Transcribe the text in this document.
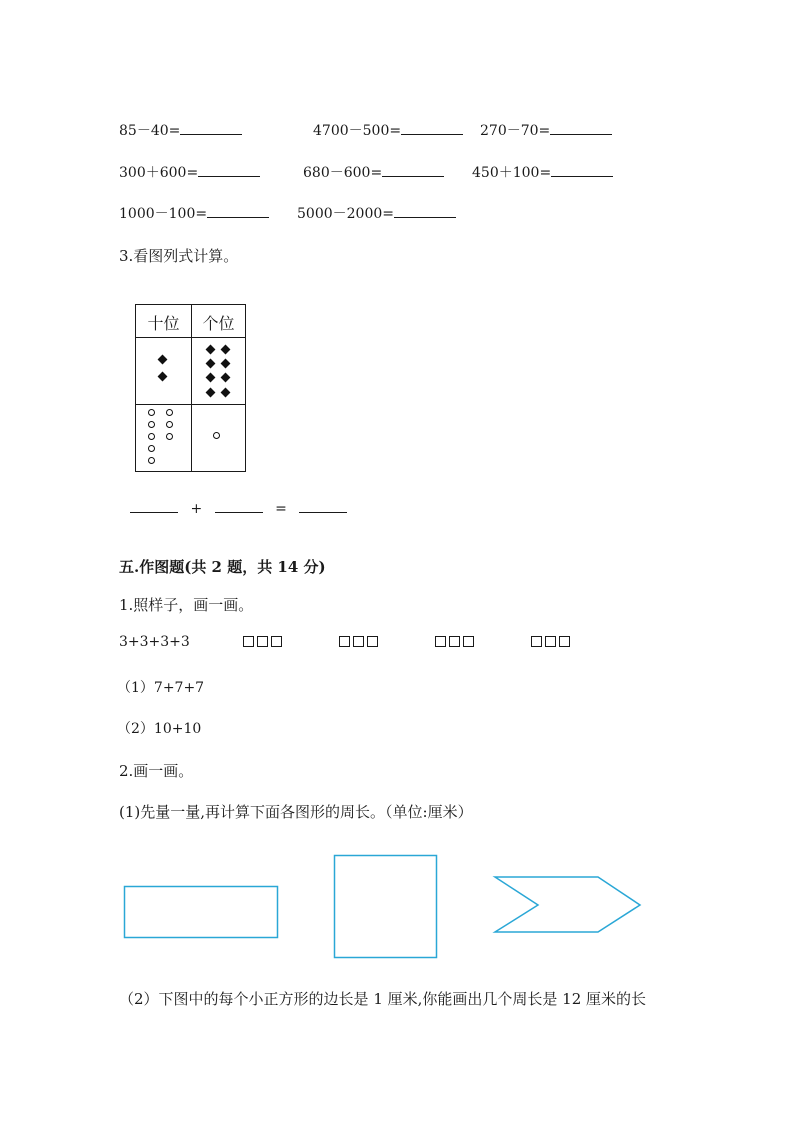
85－40=	4700－500=	270－70=
300＋600=	680－600=	450＋100=
1000－100=	5000－2000=
3.看图列式计算。
十位	个位
+	=
五.作图题(共 2 题，共 14 分)
1.照样子，画一画。
3+3+3+3
（1）7+7+7
（2）10+10
2.画一画。
(1)先量一量,再计算下面各图形的周长。（单位:厘米）
（2）下图中的每个小正方形的边长是 1 厘米,你能画出几个周长是 12 厘米的长
